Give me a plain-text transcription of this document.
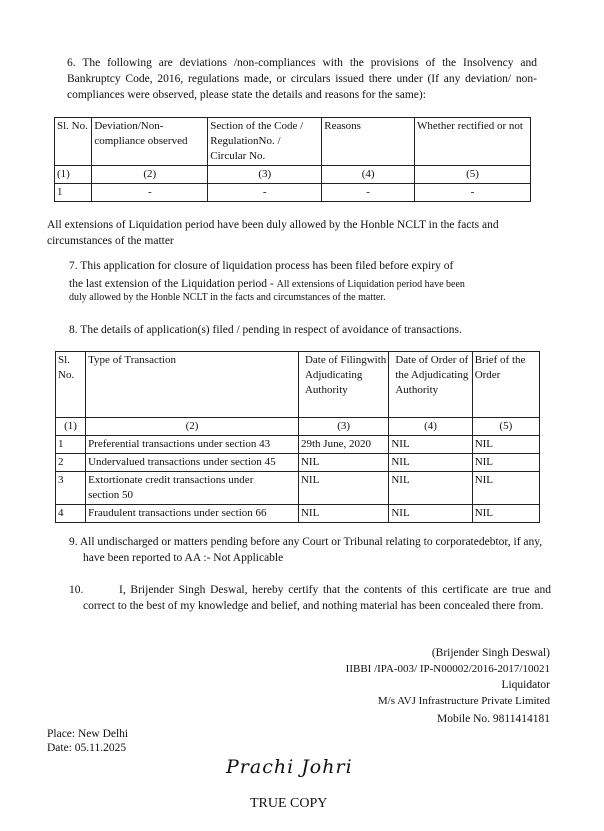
6. The following are deviations /non-compliances with the provisions of the Insolvency and Bankruptcy Code, 2016, regulations made, or circulars issued there under (If any deviation/ non-compliances were observed, please state the details and reasons for the same):
Sl. No.	Deviation/Non-compliance observed	Section of the Code / RegulationNo. / Circular No.	Reasons	Whether rectified or not
(1)	(2)	(3)	(4)	(5)
1	-	-	-	-
All extensions of Liquidation period have been duly allowed by the Honble NCLT in the facts and circumstances of the matter
7. This application for closure of liquidation process has been filed before expiry of
the last extension of the Liquidation period - All extensions of Liquidation period have been
duly allowed by the Honble NCLT in the facts and circumstances of the matter.
8. The details of application(s) filed / pending in respect of avoidance of transactions.
Sl. No.	Type of Transaction	Date of Filingwith Adjudicating Authority	Date of Order of the Adjudicating Authority	Brief of the Order
(1)	(2)	(3)	(4)	(5)
1	Preferential transactions under section 43	29th June, 2020	NIL	NIL
2	Undervalued transactions under section 45	NIL	NIL	NIL
3	Extortionate credit transactions under section 50	NIL	NIL	NIL
4	Fraudulent transactions under section 66	NIL	NIL	NIL
9. All undischarged or matters pending before any Court or Tribunal relating to corporatedebtor, if any, have been reported to AA :- Not Applicable
10.	I, Brijender Singh Deswal, hereby certify that the contents of this certificate are true and correct to the best of my knowledge and belief, and nothing material has been concealed there from.
(Brijender Singh Deswal)
IIBBI /IPA-003/ IP-N00002/2016-2017/10021
Liquidator
M/s AVJ Infrastructure Private Limited
Mobile No. 9811414181
Place: New Delhi
Date: 05.11.2025
Prachi Johri
TRUE COPY
